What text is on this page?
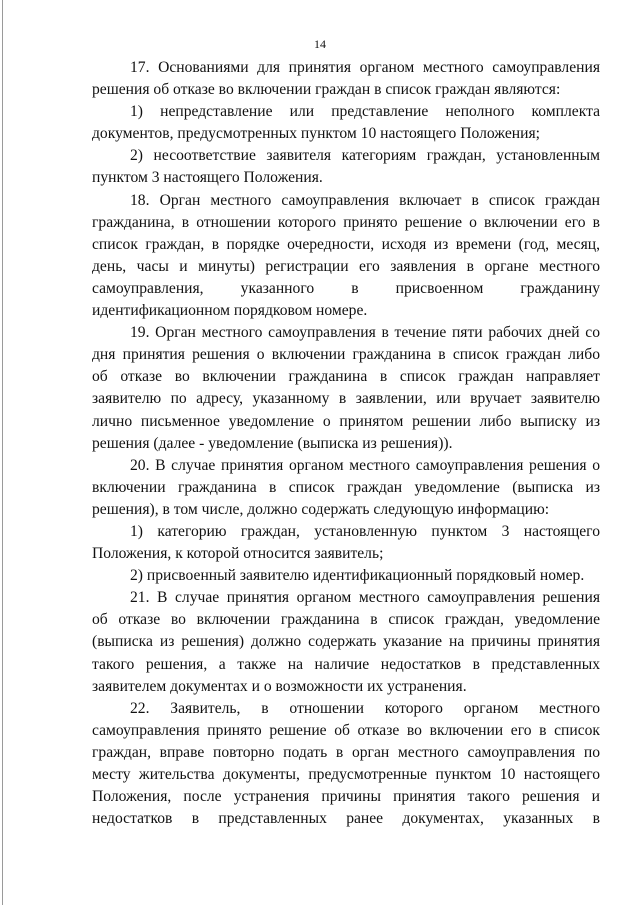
14
17. Основаниями для принятия органом местного самоуправления
решения об отказе во включении граждан в список граждан являются:
1) непредставление или представление неполного комплекта
документов, предусмотренных пунктом 10 настоящего Положения;
2) несоответствие заявителя категориям граждан, установленным
пунктом 3 настоящего Положения.
18. Орган местного самоуправления включает в список граждан
гражданина, в отношении которого принято решение о включении его в
список граждан, в порядке очередности, исходя из времени (год, месяц,
день, часы и минуты) регистрации его заявления в органе местного
самоуправления, указанного в присвоенном гражданину
идентификационном порядковом номере.
19. Орган местного самоуправления в течение пяти рабочих дней со
дня принятия решения о включении гражданина в список граждан либо
об отказе во включении гражданина в список граждан направляет
заявителю по адресу, указанному в заявлении, или вручает заявителю
лично письменное уведомление о принятом решении либо выписку из
решения (далее - уведомление (выписка из решения)).
20. В случае принятия органом местного самоуправления решения о
включении гражданина в список граждан уведомление (выписка из
решения), в том числе, должно содержать следующую информацию:
1) категорию граждан, установленную пунктом 3 настоящего
Положения, к которой относится заявитель;
2) присвоенный заявителю идентификационный порядковый номер.
21. В случае принятия органом местного самоуправления решения
об отказе во включении гражданина в список граждан, уведомление
(выписка из решения) должно содержать указание на причины принятия
такого решения, а также на наличие недостатков в представленных
заявителем документах и о возможности их устранения.
22. Заявитель, в отношении которого органом местного
самоуправления принято решение об отказе во включении его в список
граждан, вправе повторно подать в орган местного самоуправления по
месту жительства документы, предусмотренные пунктом 10 настоящего
Положения, после устранения причины принятия такого решения и
недостатков в представленных ранее документах, указанных в
